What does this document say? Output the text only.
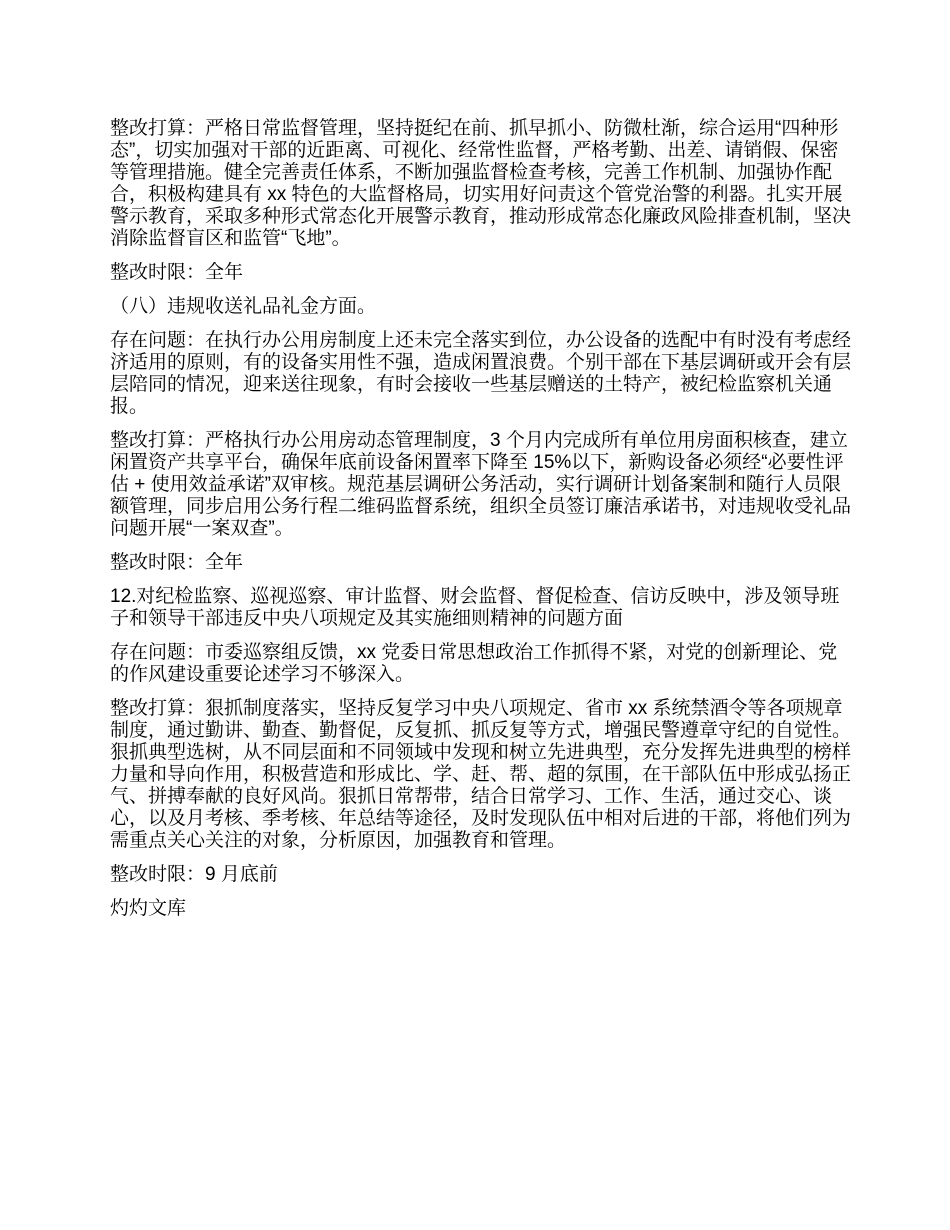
整改打算：严格日常监督管理，坚持挺纪在前、抓早抓小、防微杜渐，综合运用“四种形态”，切实加强对干部的近距离、可视化、经常性监督，严格考勤、出差、请销假、保密等管理措施。健全完善责任体系，不断加强监督检查考核，完善工作机制、加强协作配合，积极构建具有 xx 特色的大监督格局，切实用好问责这个管党治警的利器。扎实开展警示教育，采取多种形式常态化开展警示教育，推动形成常态化廉政风险排查机制，坚决消除监督盲区和监管“飞地”。

整改时限：全年

（八）违规收送礼品礼金方面。

存在问题：在执行办公用房制度上还未完全落实到位，办公设备的选配中有时没有考虑经济适用的原则，有的设备实用性不强，造成闲置浪费。个别干部在下基层调研或开会有层层陪同的情况，迎来送往现象，有时会接收一些基层赠送的土特产，被纪检监察机关通报。

整改打算：严格执行办公用房动态管理制度，3 个月内完成所有单位用房面积核查，建立闲置资产共享平台，确保年底前设备闲置率下降至 15%以下，新购设备必须经“必要性评估 + 使用效益承诺”双审核。规范基层调研公务活动，实行调研计划备案制和随行人员限额管理，同步启用公务行程二维码监督系统，组织全员签订廉洁承诺书，对违规收受礼品问题开展“一案双查”。

整改时限：全年

12.对纪检监察、巡视巡察、审计监督、财会监督、督促检查、信访反映中，涉及领导班子和领导干部违反中央八项规定及其实施细则精神的问题方面

存在问题：市委巡察组反馈，xx 党委日常思想政治工作抓得不紧，对党的创新理论、党的作风建设重要论述学习不够深入。

整改打算：狠抓制度落实，坚持反复学习中央八项规定、省市 xx 系统禁酒令等各项规章制度，通过勤讲、勤查、勤督促，反复抓、抓反复等方式，增强民警遵章守纪的自觉性。狠抓典型选树，从不同层面和不同领域中发现和树立先进典型，充分发挥先进典型的榜样力量和导向作用，积极营造和形成比、学、赶、帮、超的氛围，在干部队伍中形成弘扬正气、拼搏奉献的良好风尚。狠抓日常帮带，结合日常学习、工作、生活，通过交心、谈心，以及月考核、季考核、年总结等途径，及时发现队伍中相对后进的干部，将他们列为需重点关心关注的对象，分析原因，加强教育和管理。

整改时限：9 月底前

灼灼文库
